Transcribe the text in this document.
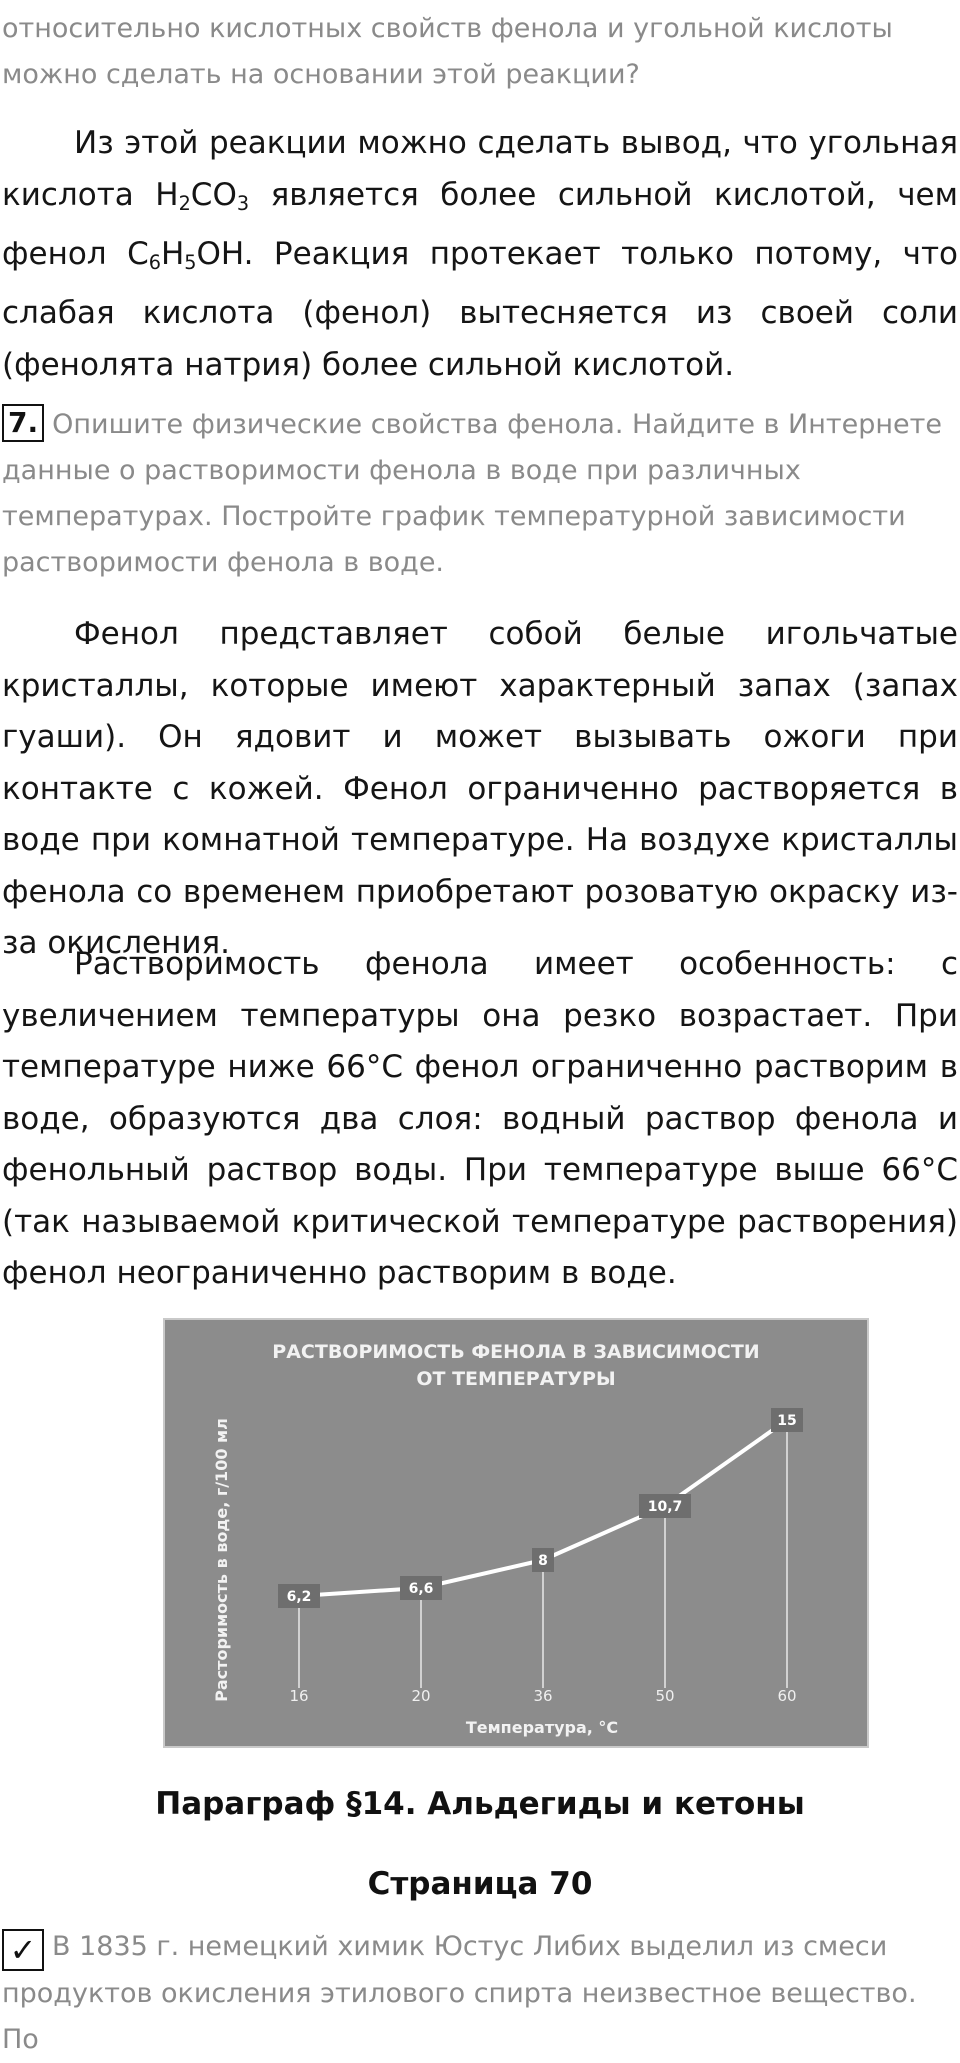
относительно кислотных свойств фенола и угольной кислоты можно сделать на основании этой реакции?
Из этой реакции можно сделать вывод, что угольная кислота $H_2CO_3$ является более сильной кислотой, чем фенол $C_6H_5OH$. Реакция протекает только потому, что слабая кислота (фенол) вытесняется из своей соли (фенолята натрия) более сильной кислотой.
7. Опишите физические свойства фенола. Найдите в Интернете данные о растворимости фенола в воде при различных температурах. Постройте график температурной зависимости растворимости фенола в воде.
Фенол представляет собой белые игольчатые кристаллы, которые имеют характерный запах (запах гуаши). Он ядовит и может вызывать ожоги при контакте с кожей. Фенол ограниченно растворяется в воде при комнатной температуре. На воздухе кристаллы фенола со временем приобретают розоватую окраску из-за окисления.
Растворимость фенола имеет особенность: с увеличением температуры она резко возрастает. При температуре ниже 66°C фенол ограниченно растворим в воде, образуются два слоя: водный раствор фенола и фенольный раствор воды. При температуре выше 66°C (так называемой критической температуре растворения) фенол неограниченно растворим в воде.
РАСТВОРИМОСТЬ ФЕНОЛА В ЗАВИСИМОСТИ
ОТ ТЕМПЕРАТУРЫ
Расторимость в воде, г/100 мл
Температура, °C
6,2	6,6
8
10,7
15
16	20	36	50	60
Параграф §14. Альдегиды и кетоны
Страница 70
✓ В 1835 г. немецкий химик Юстус Либих выделил из смеси продуктов окисления этилового спирта неизвестное вещество. По
